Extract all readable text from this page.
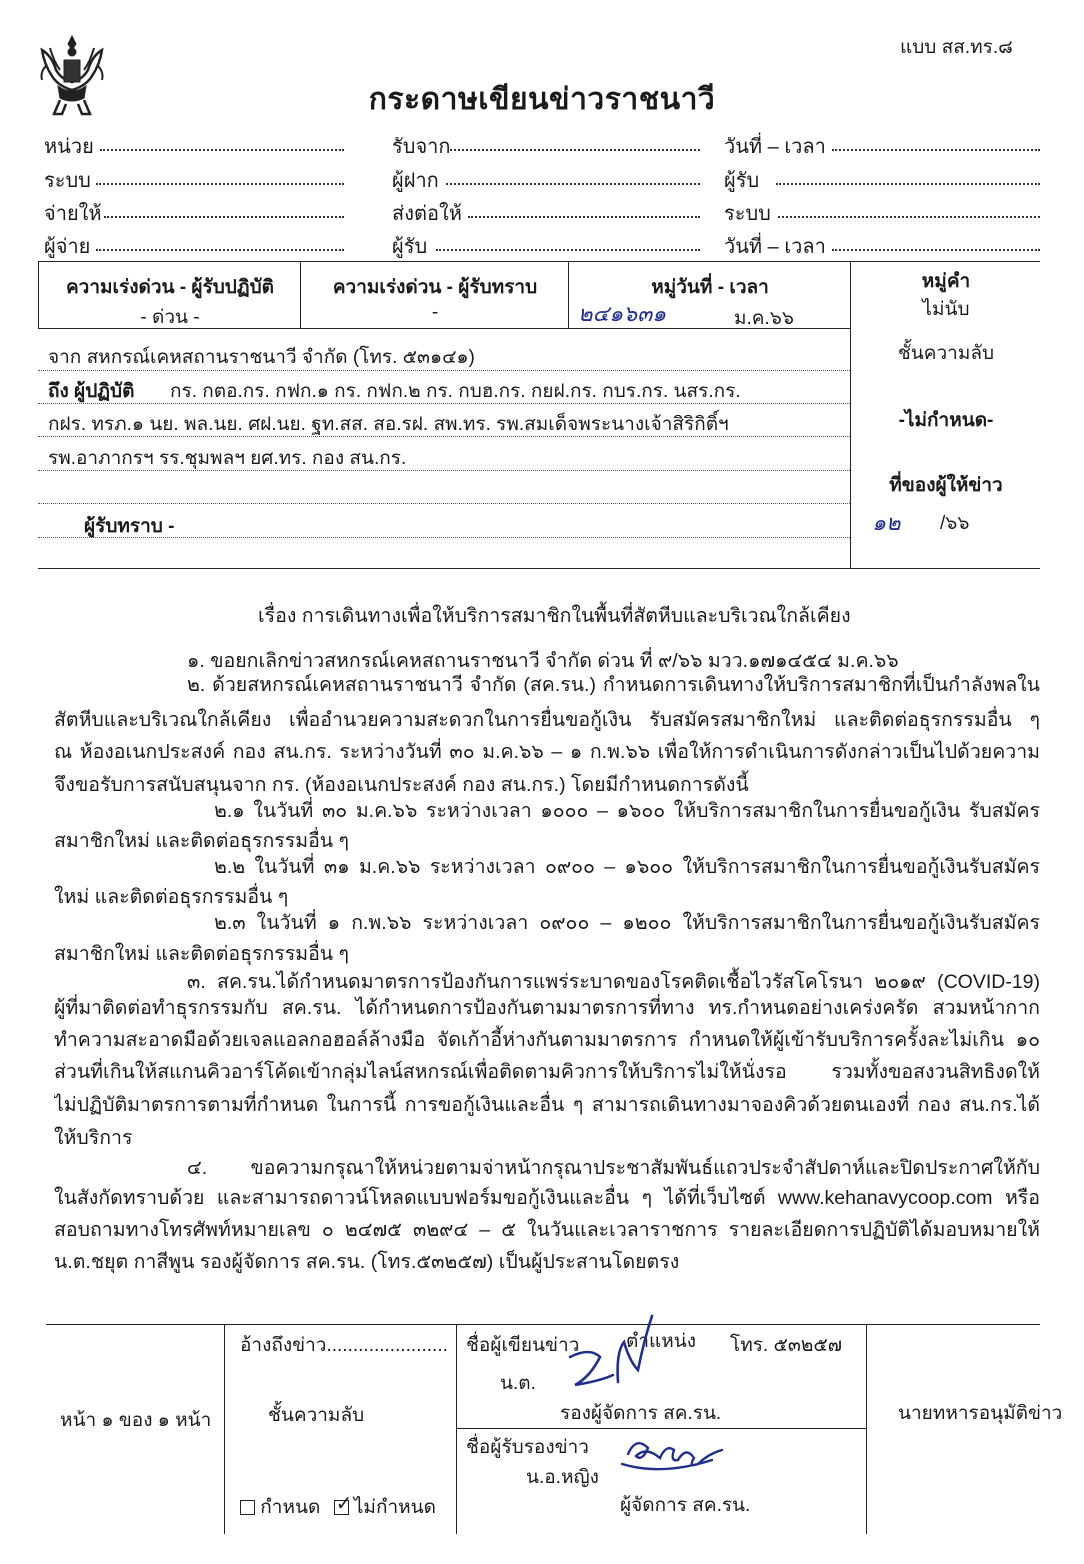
แบบ สส.ทร.๘
กระดาษเขียนข่าวราชนาวี
หน่วย
ระบบ
จ่ายให้
ผู้จ่าย
รับจาก
ผู้ฝาก
ส่งต่อให้
ผู้รับ
วันที่ – เวลา
ผู้รับ
ระบบ
วันที่ – เวลา
ความเร่งด่วน - ผู้รับปฏิบัติ
- ด่วน -
ความเร่งด่วน - ผู้รับทราบ
-
หมู่วันที่ - เวลา
๒๔๑๖๓๑	ม.ค.๖๖
หมู่คำ
ไม่นับ
จาก สหกรณ์เคหสถานราชนาวี จำกัด (โทร. ๕๓๑๔๑)
ถึง ผู้ปฏิบัติ กร. กตอ.กร. กฟก.๑ กร. กฟก.๒ กร. กบฮ.กร. กยฝ.กร. กบร.กร. นสร.กร.
กฝร. ทรภ.๑ นย. พล.นย. ศฝ.นย. ฐท.สส. สอ.รฝ. สพ.ทร. รพ.สมเด็จพระนางเจ้าสิริกิติ์ฯ
รพ.อาภากรฯ รร.ชุมพลฯ ยศ.ทร. กอง สน.กร.
ผู้รับทราบ -
ชั้นความลับ
-ไม่กำหนด-
ที่ของผู้ให้ข่าว
๑๒ /๖๖
เรื่อง การเดินทางเพื่อให้บริการสมาชิกในพื้นที่สัตหีบและบริเวณใกล้เคียง
๑. ขอยกเลิกข่าวสหกรณ์เคหสถานราชนาวี จำกัด ด่วน ที่ ๙/๖๖ มวว.๑๗๑๔๕๔ ม.ค.๖๖
๒. ด้วยสหกรณ์เคหสถานราชนาวี จำกัด (สค.รน.) กำหนดการเดินทางให้บริการสมาชิกที่เป็นกำลังพลใน
สัตหีบและบริเวณใกล้เคียง เพื่ออำนวยความสะดวกในการยื่นขอกู้เงิน รับสมัครสมาชิกใหม่ และติดต่อธุรกรรมอื่น ๆ
ณ ห้องอเนกประสงค์ กอง สน.กร. ระหว่างวันที่ ๓๐ ม.ค.๖๖ – ๑ ก.พ.๖๖ เพื่อให้การดำเนินการดังกล่าวเป็นไปด้วยความ
จึงขอรับการสนับสนุนจาก กร. (ห้องอเนกประสงค์ กอง สน.กร.) โดยมีกำหนดการดังนี้
๒.๑ ในวันที่ ๓๐ ม.ค.๖๖ ระหว่างเวลา ๑๐๐๐ – ๑๖๐๐ ให้บริการสมาชิกในการยื่นขอกู้เงิน รับสมัคร
สมาชิกใหม่ และติดต่อธุรกรรมอื่น ๆ
๒.๒ ในวันที่ ๓๑ ม.ค.๖๖ ระหว่างเวลา ๐๙๐๐ – ๑๖๐๐ ให้บริการสมาชิกในการยื่นขอกู้เงินรับสมัคร
ใหม่ และติดต่อธุรกรรมอื่น ๆ
๒.๓ ในวันที่ ๑ ก.พ.๖๖ ระหว่างเวลา ๐๙๐๐ – ๑๒๐๐ ให้บริการสมาชิกในการยื่นขอกู้เงินรับสมัคร
สมาชิกใหม่ และติดต่อธุรกรรมอื่น ๆ
๓. สค.รน.ได้กำหนดมาตรการป้องกันการแพร่ระบาดของโรคติดเชื้อไวรัสโคโรนา ๒๐๑๙ (COVID-19)
ผู้ที่มาติดต่อทำธุรกรรมกับ สค.รน. ได้กำหนดการป้องกันตามมาตรการที่ทาง ทร.กำหนดอย่างเคร่งครัด สวมหน้ากาก
ทำความสะอาดมือด้วยเจลแอลกอฮอล์ล้างมือ จัดเก้าอี้ห่างกันตามมาตรการ กำหนดให้ผู้เข้ารับบริการครั้งละไม่เกิน ๑๐
ส่วนที่เกินให้สแกนคิวอาร์โค้ดเข้ากลุ่มไลน์สหกรณ์เพื่อติดตามคิวการให้บริการไม่ให้นั่งรอ รวมทั้งขอสงวนสิทธิงดให้
ไม่ปฏิบัติมาตรการตามที่กำหนด ในการนี้ การขอกู้เงินและอื่น ๆ สามารถเดินทางมาจองคิวด้วยตนเองที่ กอง สน.กร.ได้
ให้บริการ
๔. ขอความกรุณาให้หน่วยตามจ่าหน้ากรุณาประชาสัมพันธ์แถวประจำสัปดาห์และปิดประกาศให้กับ
ในสังกัดทราบด้วย และสามารถดาวน์โหลดแบบฟอร์มขอกู้เงินและอื่น ๆ ได้ที่เว็บไซต์ www.kehanavycoop.com หรือ
สอบถามทางโทรศัพท์หมายเลข ๐ ๒๔๗๕ ๓๒๙๔ – ๕ ในวันและเวลาราชการ รายละเอียดการปฏิบัติได้มอบหมายให้
น.ต.ชยุต กาสีพูน รองผู้จัดการ สค.รน. (โทร.๕๓๒๕๗) เป็นผู้ประสานโดยตรง
หน้า ๑ ของ ๑ หน้า
อ้างถึงข่าว.......................
ชั้นความลับ
กำหนด ✓ ไม่กำหนด
ชื่อผู้เขียนข่าว ตำแหน่ง โทร. ๕๓๒๕๗
น.ต.
รองผู้จัดการ สค.รน.
ชื่อผู้รับรองข่าว
น.อ.หญิง
ผู้จัดการ สค.รน.
นายทหารอนุมัติข่าว
